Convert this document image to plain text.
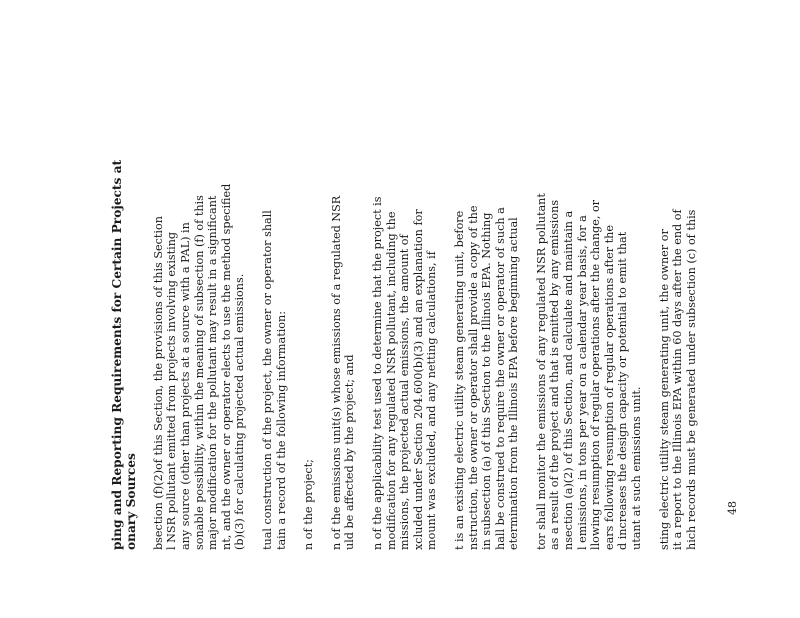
ping and Reporting Requirements for Certain Projects at onary Sources bsection (f)(2)of this Section, the provisions of this Section l NSR pollutant emitted from projects involving existing any source (other than projects at a source with a PAL) in sonable possibility, within the meaning of subsection (f) of this major modification for the pollutant may result in a significant nt, and the owner or operator elects to use the method specified (b)(3) for calculating projected actual emissions. tual construction of the project, the owner or operator shall tain a record of the following information: n of the project; n of the emissions unit(s) whose emissions of a regulated NSR uld be affected by the project; and n of the applicability test used to determine that the project is modification for any regulated NSR pollutant, including the missions, the projected actual emissions, the amount of xcluded under Section 204.600(b)(3) and an explanation for mount was excluded, and any netting calculations, if t is an existing electric utility steam generating unit, before nstruction, the owner or operator shall provide a copy of the in subsection (a) of this Section to the Illinois EPA. Nothing hall be construed to require the owner or operator of such a etermination from the Illinois EPA before beginning actual tor shall monitor the emissions of any regulated NSR pollutant as a result of the project and that is emitted by any emissions nsection (a)(2) of this Section, and calculate and maintain a l emissions, in tons per year on a calendar year basis, for a llowing resumption of regular operations after the change, or ears following resumption of regular operations after the d increases the design capacity or potential to emit that utant at such emissions unit. sting electric utility steam generating unit, the owner or it a report to the Illinois EPA within 60 days after the end of hich records must be generated under subsection (c) of this	48
